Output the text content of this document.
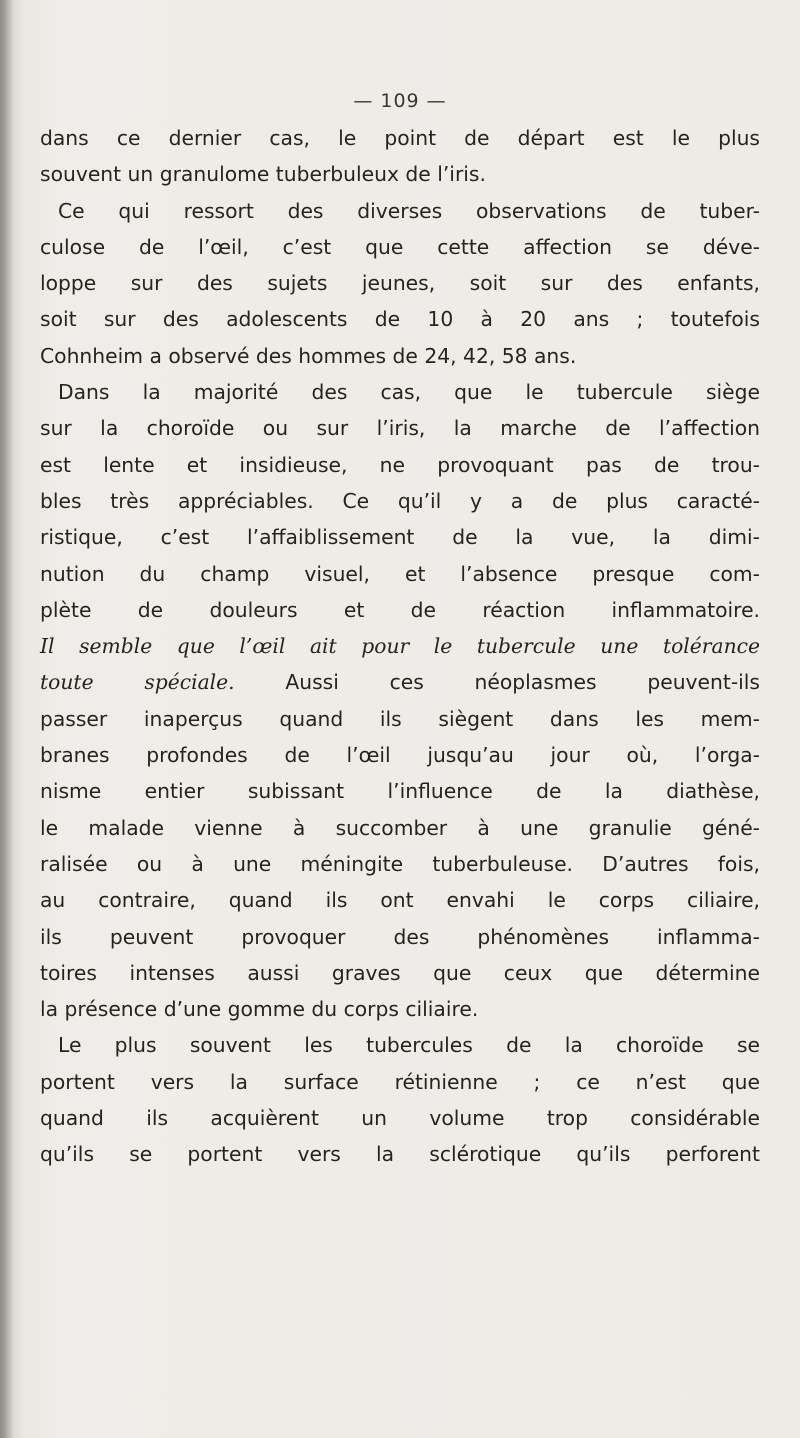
— 109 —
dans ce dernier cas, le point de départ est le plus
souvent un granulome tuberbuleux de l’iris.
Ce qui ressort des diverses observations de tuber-
culose de l’œil, c’est que cette affection se déve-
loppe sur des sujets jeunes, soit sur des enfants,
soit sur des adolescents de 10 à 20 ans ; toutefois
Cohnheim a observé des hommes de 24, 42, 58 ans.
Dans la majorité des cas, que le tubercule siège
sur la choroïde ou sur l’iris, la marche de l’affection
est lente et insidieuse, ne provoquant pas de trou-
bles très appréciables. Ce qu’il y a de plus caracté-
ristique, c’est l’affaiblissement de la vue, la dimi-
nution du champ visuel, et l’absence presque com-
plète de douleurs et de réaction inflammatoire.
Il semble que l’œil ait pour le tubercule une tolérance
toute spéciale. Aussi ces néoplasmes peuvent-ils
passer inaperçus quand ils siègent dans les mem-
branes profondes de l’œil jusqu’au jour où, l’orga-
nisme entier subissant l’influence de la diathèse,
le malade vienne à succomber à une granulie géné-
ralisée ou à une méningite tuberbuleuse. D’autres fois,
au contraire, quand ils ont envahi le corps ciliaire,
ils peuvent provoquer des phénomènes inflamma-
toires intenses aussi graves que ceux que détermine
la présence d’une gomme du corps ciliaire.
Le plus souvent les tubercules de la choroïde se
portent vers la surface rétinienne ; ce n’est que
quand ils acquièrent un volume trop considérable
qu’ils se portent vers la sclérotique qu’ils perforent
